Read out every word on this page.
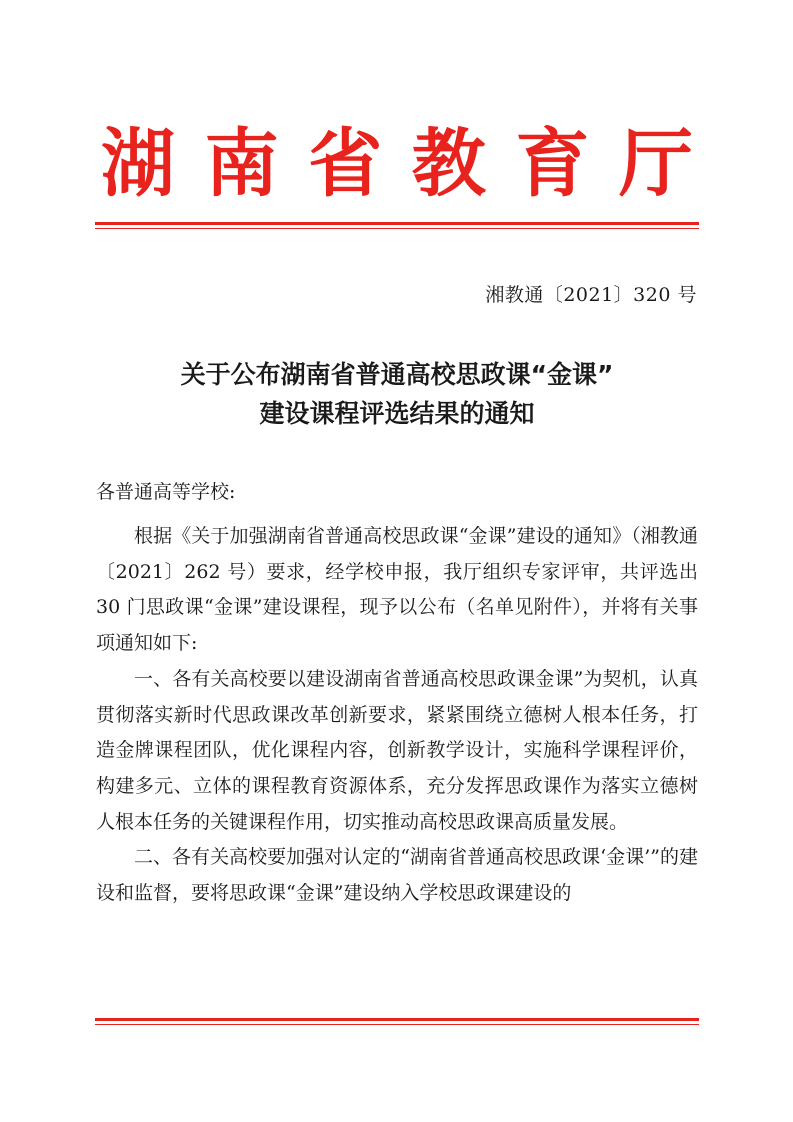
湖 南 省 教 育 厅
湘教通〔2021〕320 号
关于公布湖南省普通高校思政课“金课”
建设课程评选结果的通知
各普通高等学校:

根据《关于加强湖南省普通高校思政课“金课”建设的通知》（湘教通〔2021〕262 号）要求，经学校申报，我厅组织专家评审，共评选出 30 门思政课“金课”建设课程，现予以公布（名单见附件），并将有关事项通知如下:

一、各有关高校要以建设湖南省普通高校思政课金课”为契机，认真贯彻落实新时代思政课改革创新要求，紧紧围绕立德树人根本任务，打造金牌课程团队，优化课程内容，创新教学设计，实施科学课程评价，构建多元、立体的课程教育资源体系，充分发挥思政课作为落实立德树人根本任务的关键课程作用，切实推动高校思政课高质量发展。

二、各有关高校要加强对认定的“湖南省普通高校思政课‘金课’”的建设和监督，要将思政课“金课”建设纳入学校思政课建设的
